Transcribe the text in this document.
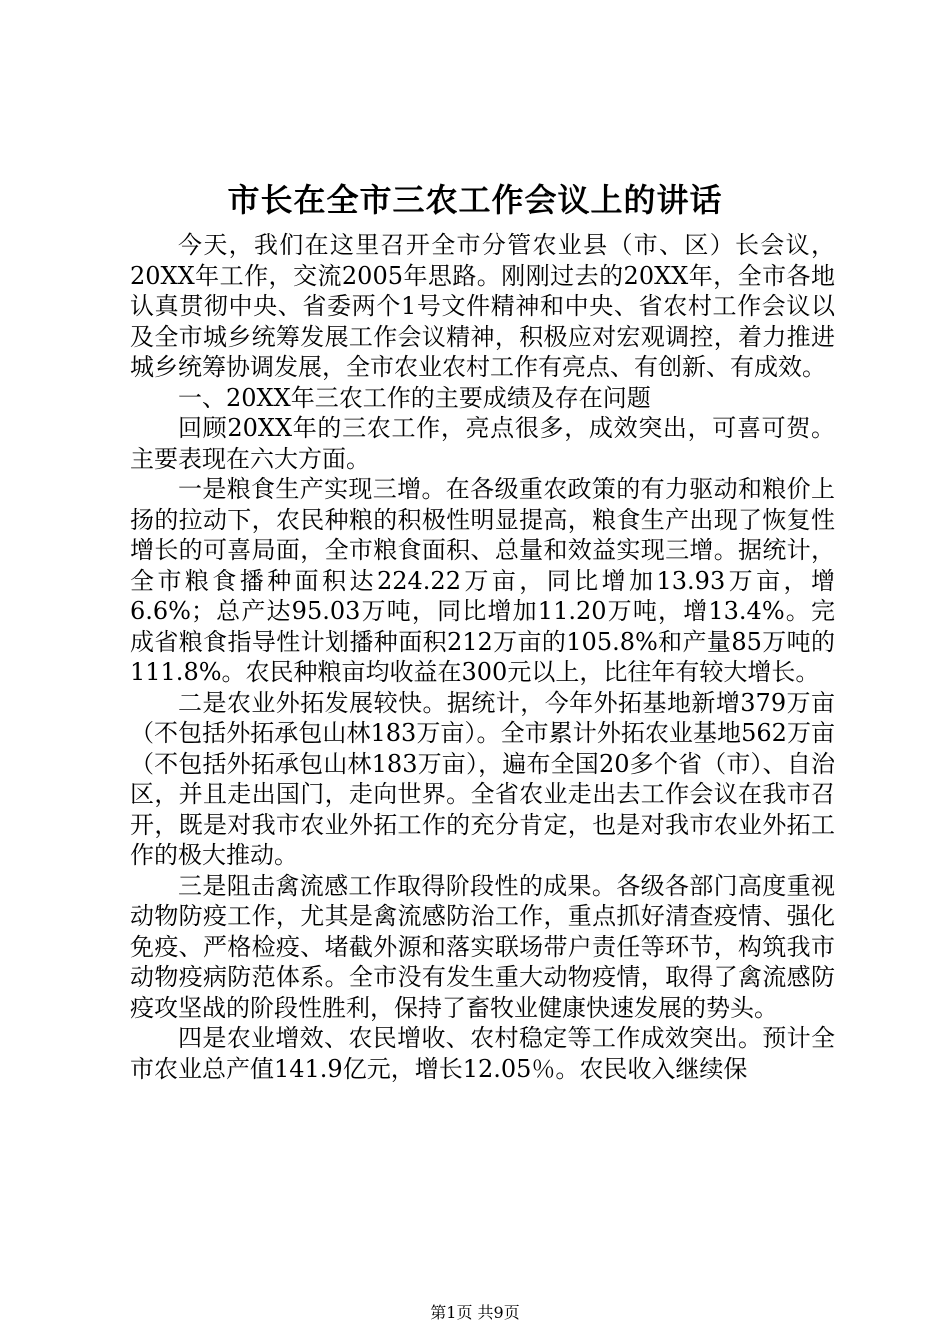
市长在全市三农工作会议上的讲话

今天，我们在这里召开全市分管农业县（市、区）长会议，20XX年工作，交流2005年思路。刚刚过去的20XX年，全市各地认真贯彻中央、省委两个1号文件精神和中央、省农村工作会议以及全市城乡统筹发展工作会议精神，积极应对宏观调控，着力推进城乡统筹协调发展，全市农业农村工作有亮点、有创新、有成效。

一、20XX年三农工作的主要成绩及存在问题

回顾20XX年的三农工作，亮点很多，成效突出，可喜可贺。主要表现在六大方面。

一是粮食生产实现三增。在各级重农政策的有力驱动和粮价上扬的拉动下，农民种粮的积极性明显提高，粮食生产出现了恢复性增长的可喜局面，全市粮食面积、总量和效益实现三增。据统计，全市粮食播种面积达224.22万亩，同比增加13.93万亩，增6.6%；总产达95.03万吨，同比增加11.20万吨，增13.4%。完成省粮食指导性计划播种面积212万亩的105.8%和产量85万吨的111.8%。农民种粮亩均收益在300元以上，比往年有较大增长。

二是农业外拓发展较快。据统计，今年外拓基地新增379万亩（不包括外拓承包山林183万亩）。全市累计外拓农业基地562万亩（不包括外拓承包山林183万亩），遍布全国20多个省（市）、自治区，并且走出国门，走向世界。全省农业走出去工作会议在我市召开，既是对我市农业外拓工作的充分肯定，也是对我市农业外拓工作的极大推动。

三是阻击禽流感工作取得阶段性的成果。各级各部门高度重视动物防疫工作，尤其是禽流感防治工作，重点抓好清查疫情、强化免疫、严格检疫、堵截外源和落实联场带户责任等环节，构筑我市动物疫病防范体系。全市没有发生重大动物疫情，取得了禽流感防疫攻坚战的阶段性胜利，保持了畜牧业健康快速发展的势头。

四是农业增效、农民增收、农村稳定等工作成效突出。预计全市农业总产值141.9亿元，增长12.05％。农民收入继续保

第1页 共9页
